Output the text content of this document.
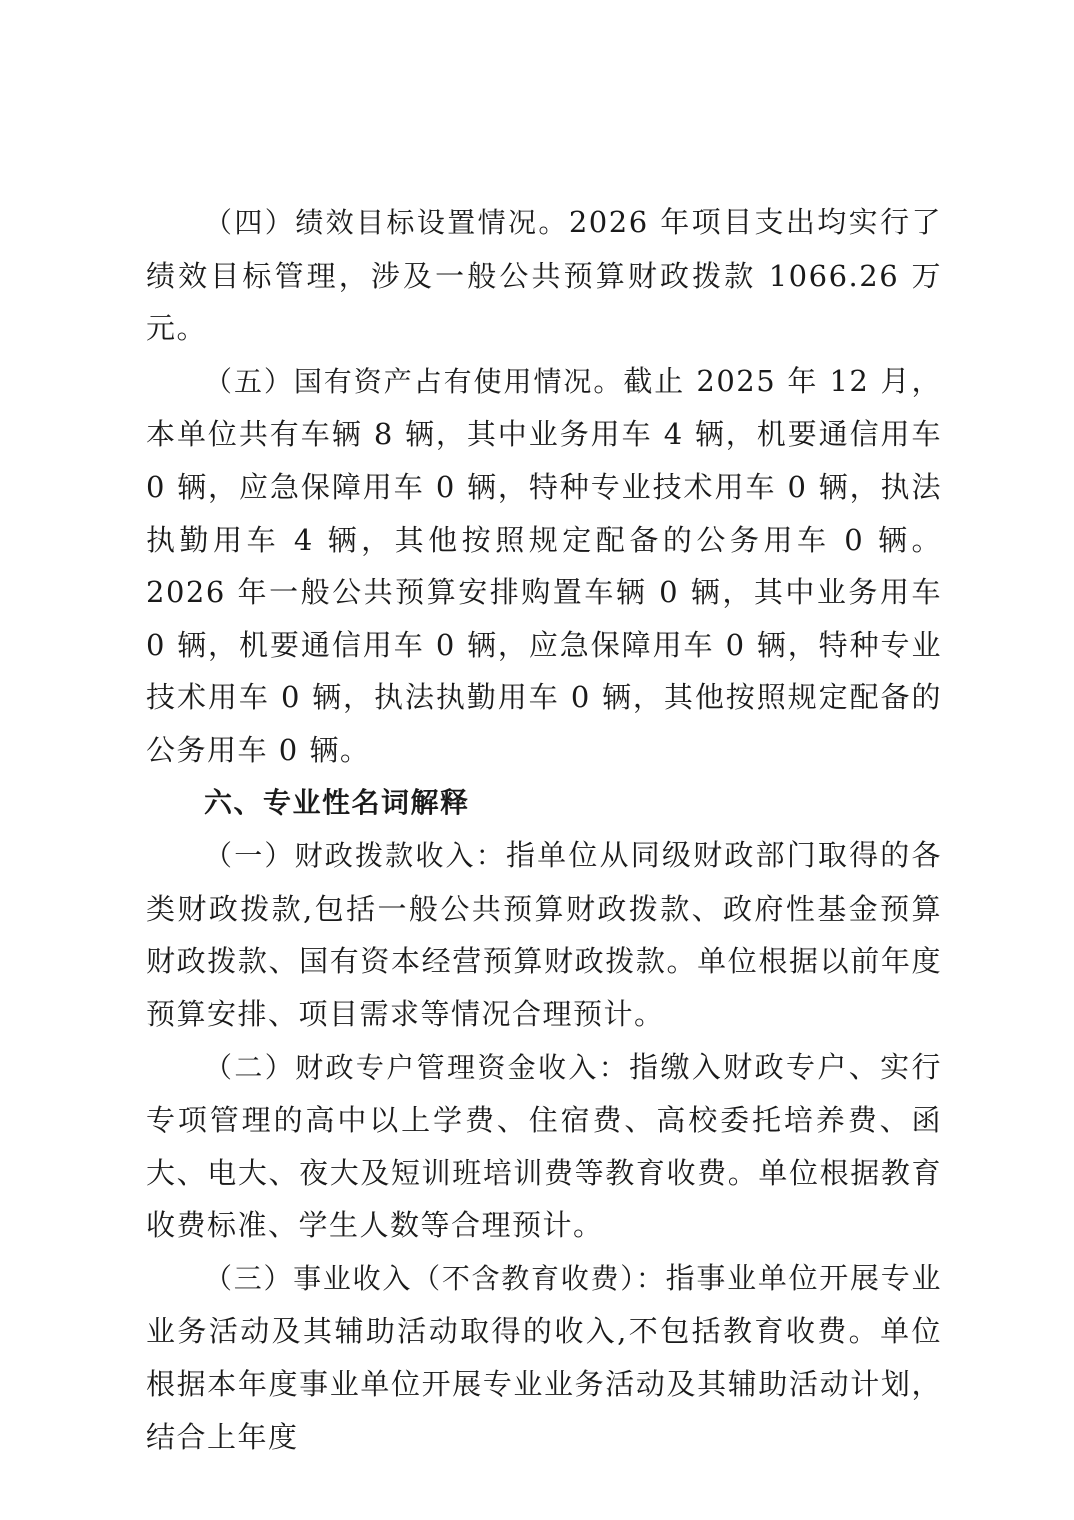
（四）绩效目标设置情况。2026 年项目支出均实行了绩效目标管理，涉及一般公共预算财政拨款 1066.26 万元。

（五）国有资产占有使用情况。截止 2025 年 12 月，本单位共有车辆 8 辆，其中业务用车 4 辆，机要通信用车 0 辆，应急保障用车 0 辆，特种专业技术用车 0 辆，执法执勤用车 4 辆，其他按照规定配备的公务用车 0 辆。2026 年一般公共预算安排购置车辆 0 辆，其中业务用车 0 辆，机要通信用车 0 辆，应急保障用车 0 辆，特种专业技术用车 0 辆，执法执勤用车 0 辆，其他按照规定配备的公务用车 0 辆。

六、专业性名词解释

（一）财政拨款收入：指单位从同级财政部门取得的各类财政拨款,包括一般公共预算财政拨款、政府性基金预算财政拨款、国有资本经营预算财政拨款。单位根据以前年度预算安排、项目需求等情况合理预计。

（二）财政专户管理资金收入：指缴入财政专户、实行专项管理的高中以上学费、住宿费、高校委托培养费、函大、电大、夜大及短训班培训费等教育收费。单位根据教育收费标准、学生人数等合理预计。

（三）事业收入（不含教育收费）：指事业单位开展专业业务活动及其辅助活动取得的收入,不包括教育收费。单位根据本年度事业单位开展专业业务活动及其辅助活动计划，结合上年度
